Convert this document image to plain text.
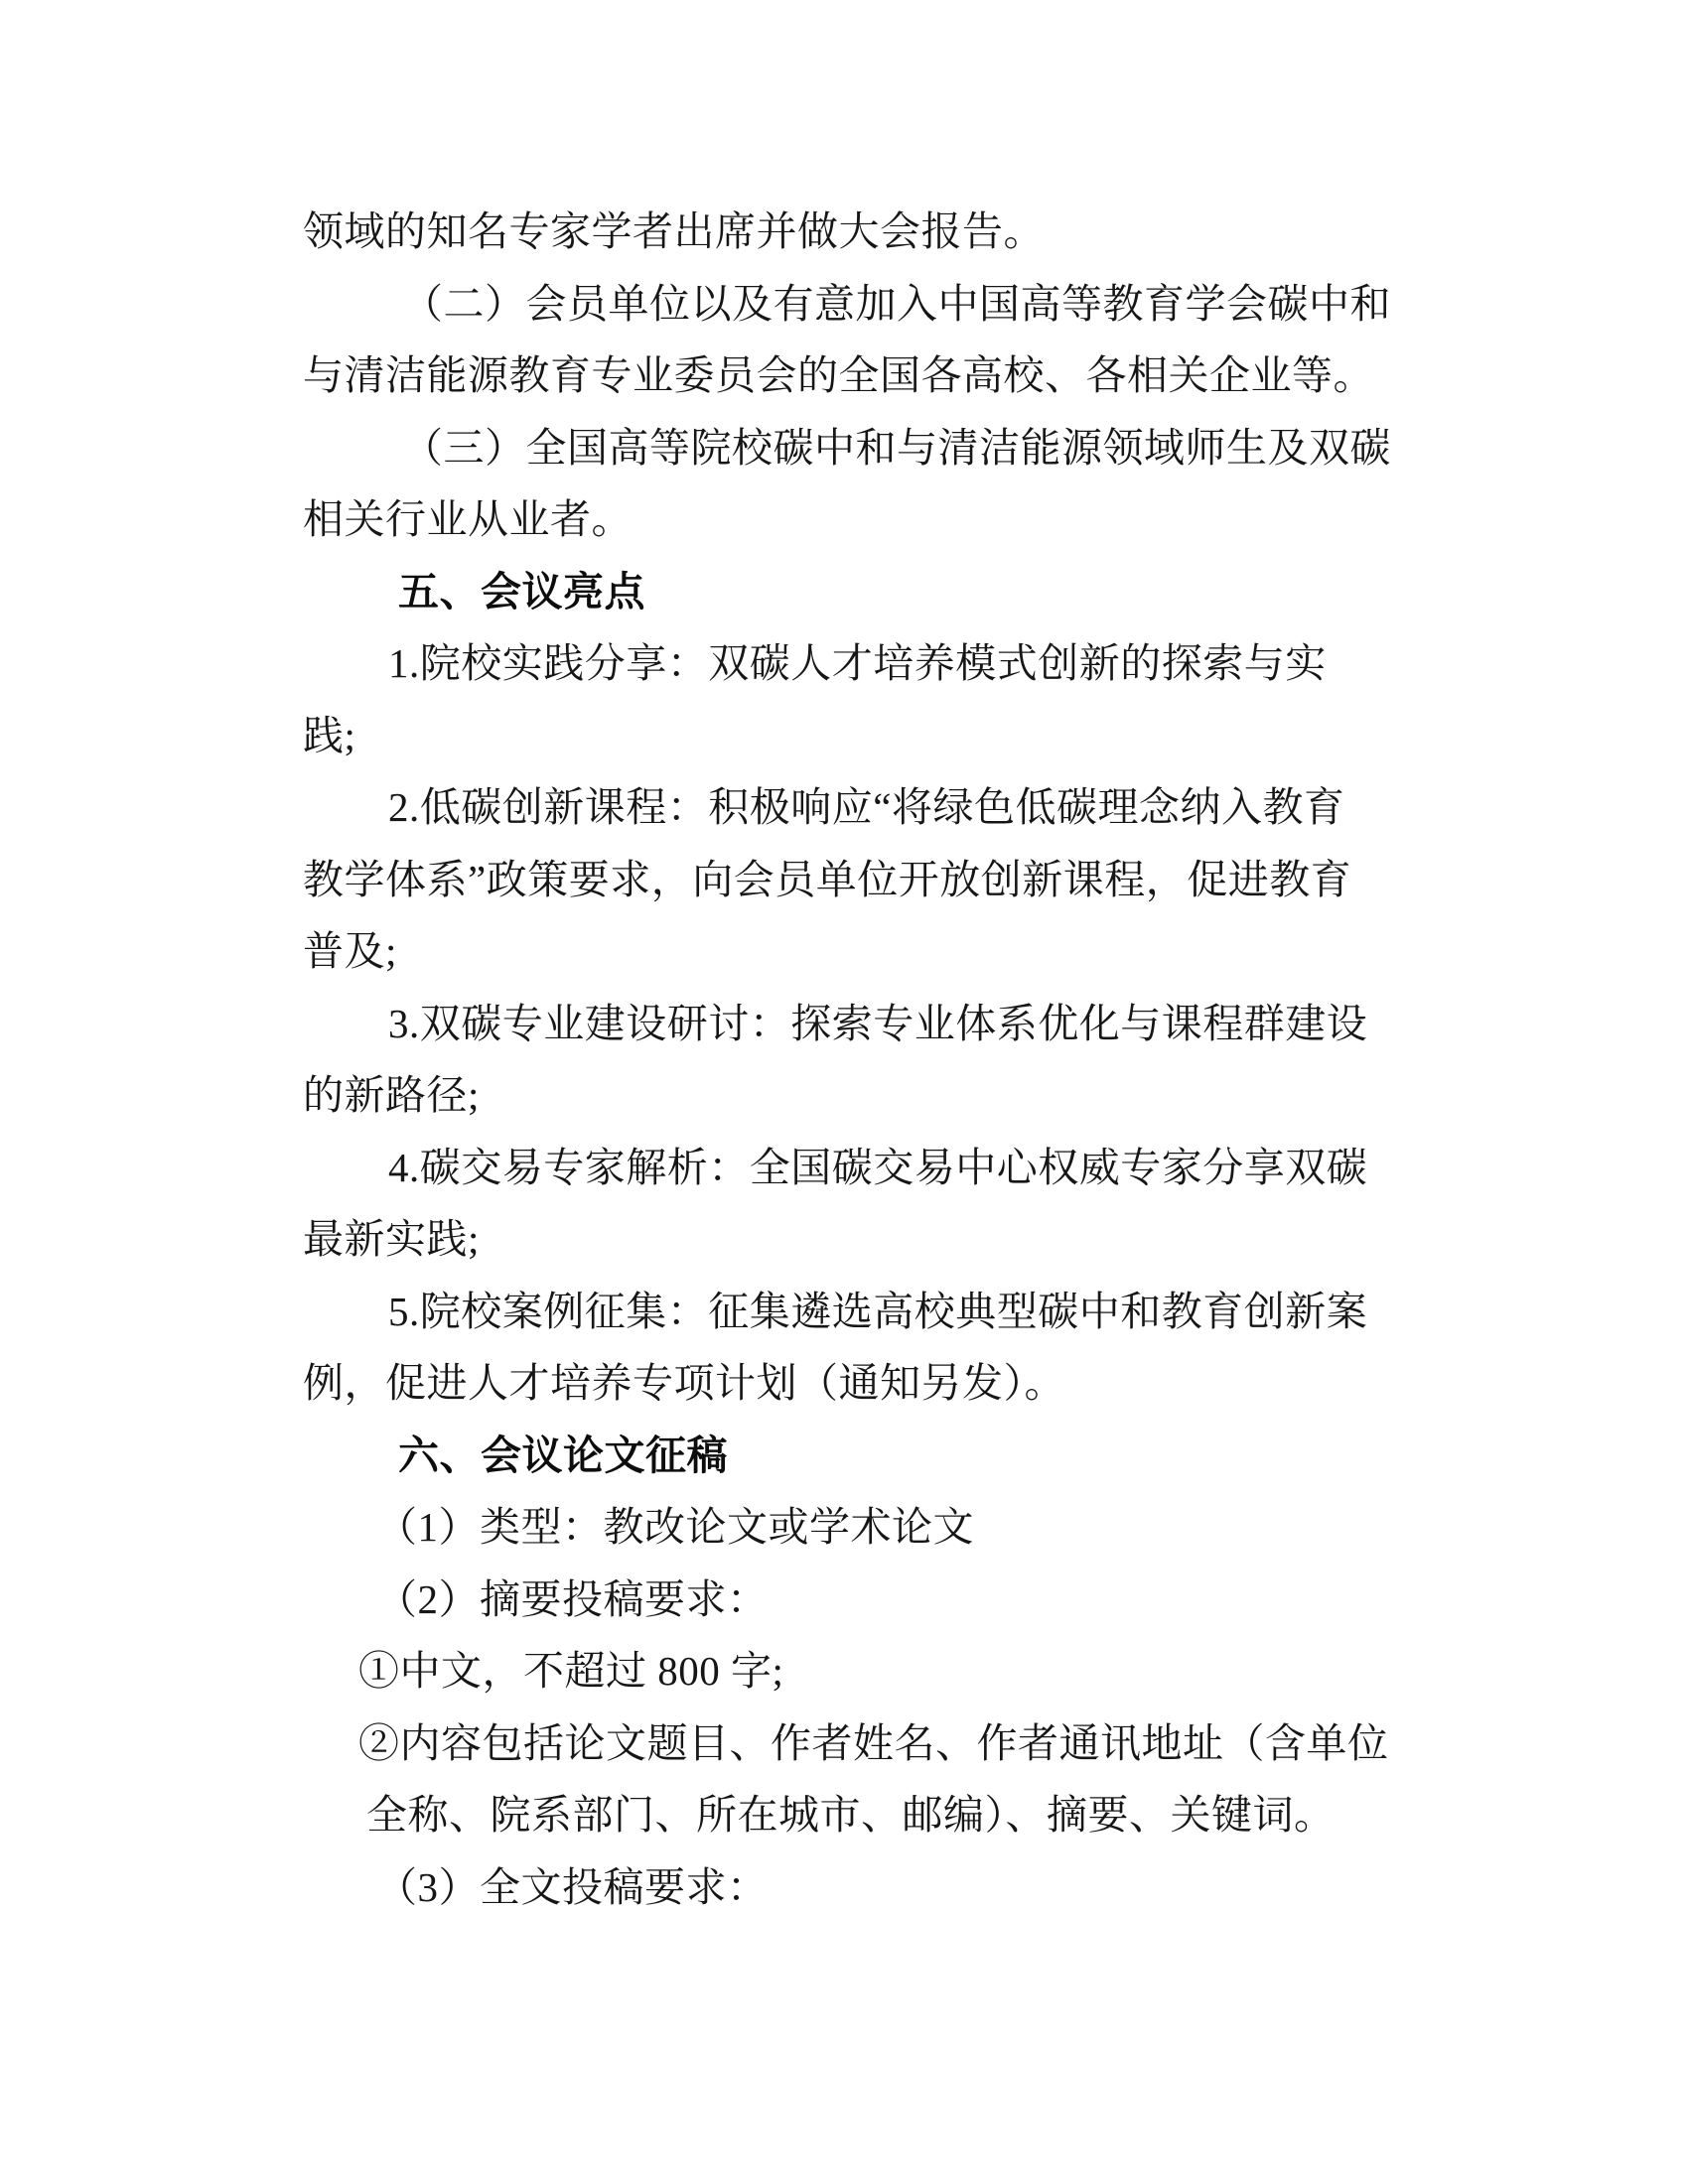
领域的知名专家学者出席并做大会报告。
（二）会员单位以及有意加入中国高等教育学会碳中和
与清洁能源教育专业委员会的全国各高校、各相关企业等。
（三）全国高等院校碳中和与清洁能源领域师生及双碳
相关行业从业者。
五、会议亮点
1.院校实践分享：双碳人才培养模式创新的探索与实
践;
2.低碳创新课程：积极响应“将绿色低碳理念纳入教育
教学体系”政策要求，向会员单位开放创新课程，促进教育
普及;
3.双碳专业建设研讨：探索专业体系优化与课程群建设
的新路径;
4.碳交易专家解析：全国碳交易中心权威专家分享双碳
最新实践;
5.院校案例征集：征集遴选高校典型碳中和教育创新案
例，促进人才培养专项计划（通知另发）。
六、会议论文征稿
（1）类型：教改论文或学术论文
（2）摘要投稿要求：
①中文，不超过 800 字;
②内容包括论文题目、作者姓名、作者通讯地址（含单位
全称、院系部门、所在城市、邮编）、摘要、关键词。
（3）全文投稿要求：
